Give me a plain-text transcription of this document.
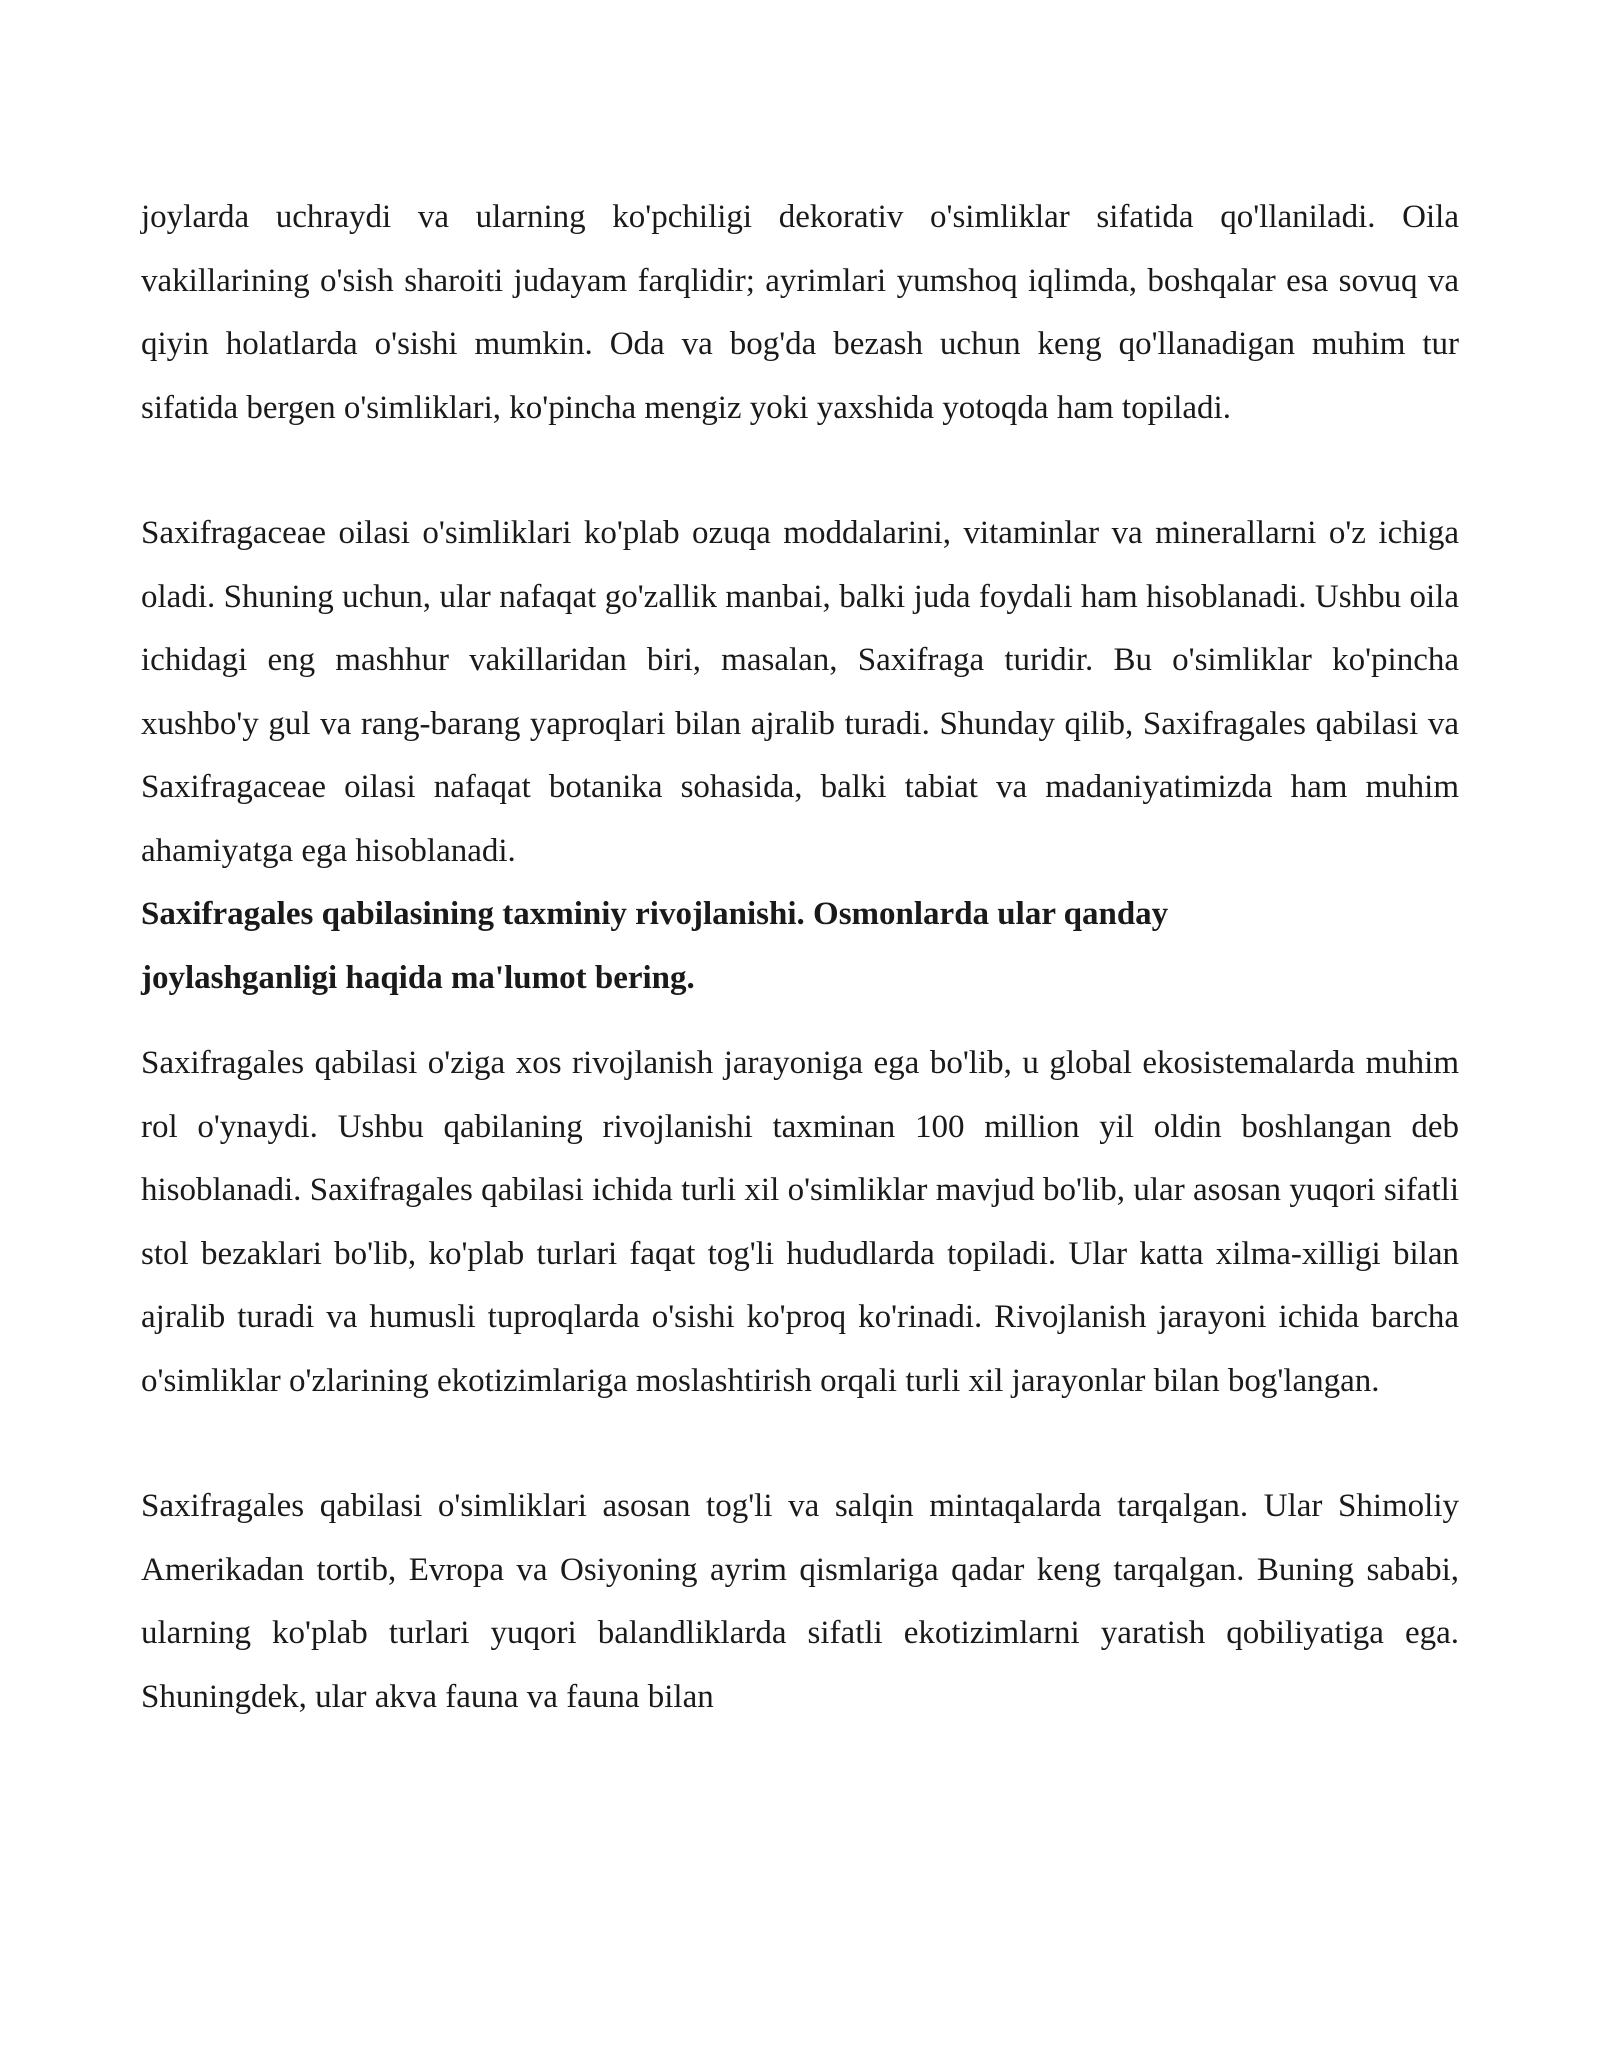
joylarda uchraydi va ularning ko'pchiligi dekorativ o'simliklar sifatida qo'llaniladi. Oila vakillarining o'sish sharoiti judayam farqlidir; ayrimlari yumshoq iqlimda, boshqalar esa sovuq va qiyin holatlarda o'sishi mumkin. Oda va bog'da bezash uchun keng qo'llanadigan muhim tur sifatida bergen o'simliklari, ko'pincha mengiz yoki yaxshida yotoqda ham topiladi.

Saxifragaceae oilasi o'simliklari ko'plab ozuqa moddalarini, vitaminlar va minerallarni o'z ichiga oladi. Shuning uchun, ular nafaqat go'zallik manbai, balki juda foydali ham hisoblanadi. Ushbu oila ichidagi eng mashhur vakillaridan biri, masalan, Saxifraga turidir. Bu o'simliklar ko'pincha xushbo'y gul va rang-barang yaproqlari bilan ajralib turadi. Shunday qilib, Saxifragales qabilasi va Saxifragaceae oilasi nafaqat botanika sohasida, balki tabiat va madaniyatimizda ham muhim ahamiyatga ega hisoblanadi.

Saxifragales qabilasining taxminiy rivojlanishi. Osmonlarda ular qanday joylashganligi haqida ma'lumot bering.

Saxifragales qabilasi o'ziga xos rivojlanish jarayoniga ega bo'lib, u global ekosistemalarda muhim rol o'ynaydi. Ushbu qabilaning rivojlanishi taxminan 100 million yil oldin boshlangan deb hisoblanadi. Saxifragales qabilasi ichida turli xil o'simliklar mavjud bo'lib, ular asosan yuqori sifatli stol bezaklari bo'lib, ko'plab turlari faqat tog'li hududlarda topiladi. Ular katta xilma-xilligi bilan ajralib turadi va humusli tuproqlarda o'sishi ko'proq ko'rinadi. Rivojlanish jarayoni ichida barcha o'simliklar o'zlarining ekotizimlariga moslashtirish orqali turli xil jarayonlar bilan bog'langan.

Saxifragales qabilasi o'simliklari asosan tog'li va salqin mintaqalarda tarqalgan. Ular Shimoliy Amerikadan tortib, Evropa va Osiyoning ayrim qismlariga qadar keng tarqalgan. Buning sababi, ularning ko'plab turlari yuqori balandliklarda sifatli ekotizimlarni yaratish qobiliyatiga ega. Shuningdek, ular akva fauna va fauna bilan
